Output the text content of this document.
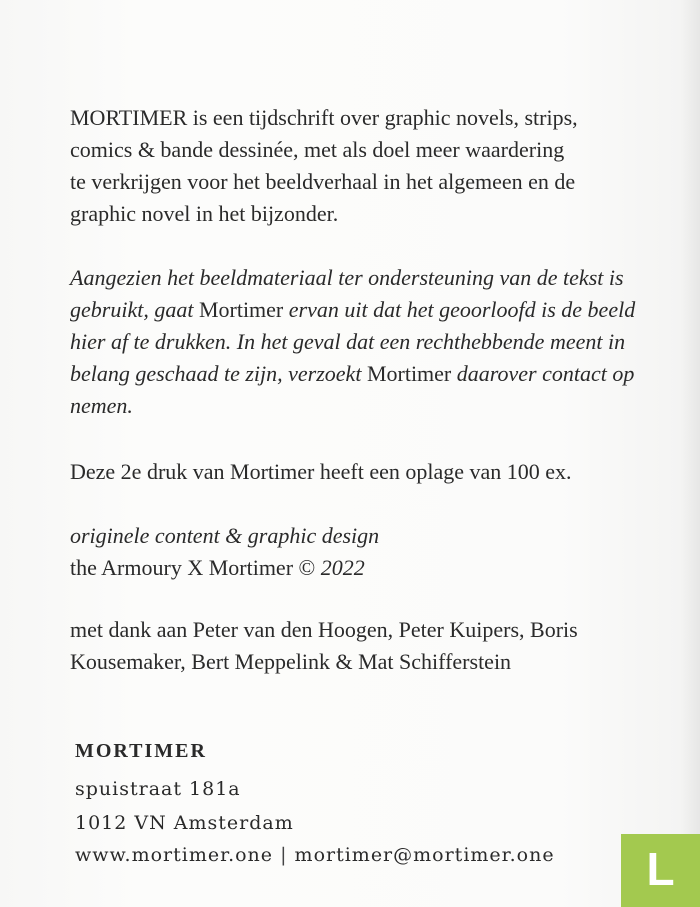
MORTIMER is een tijdschrift over graphic novels, strips,
comics & bande dessinée, met als doel meer waardering
te verkrijgen voor het beeldverhaal in het algemeen en de
graphic novel in het bijzonder.

Aangezien het beeldmateriaal ter ondersteuning van de tekst is
gebruikt, gaat Mortimer ervan uit dat het geoorloofd is de beeld
hier af te drukken. In het geval dat een rechthebbende meent in
belang geschaad te zijn, verzoekt Mortimer daarover contact op
nemen.

Deze 2e druk van Mortimer heeft een oplage van 100 ex.

originele content & graphic design
the Armoury X Mortimer © 2022

met dank aan Peter van den Hoogen, Peter Kuipers, Boris
Kousemaker, Bert Meppelink & Mat Schifferstein

MORTIMER

spuistraat 181a

1012 VN Amsterdam

www.mortimer.one | mortimer@mortimer.one	L
